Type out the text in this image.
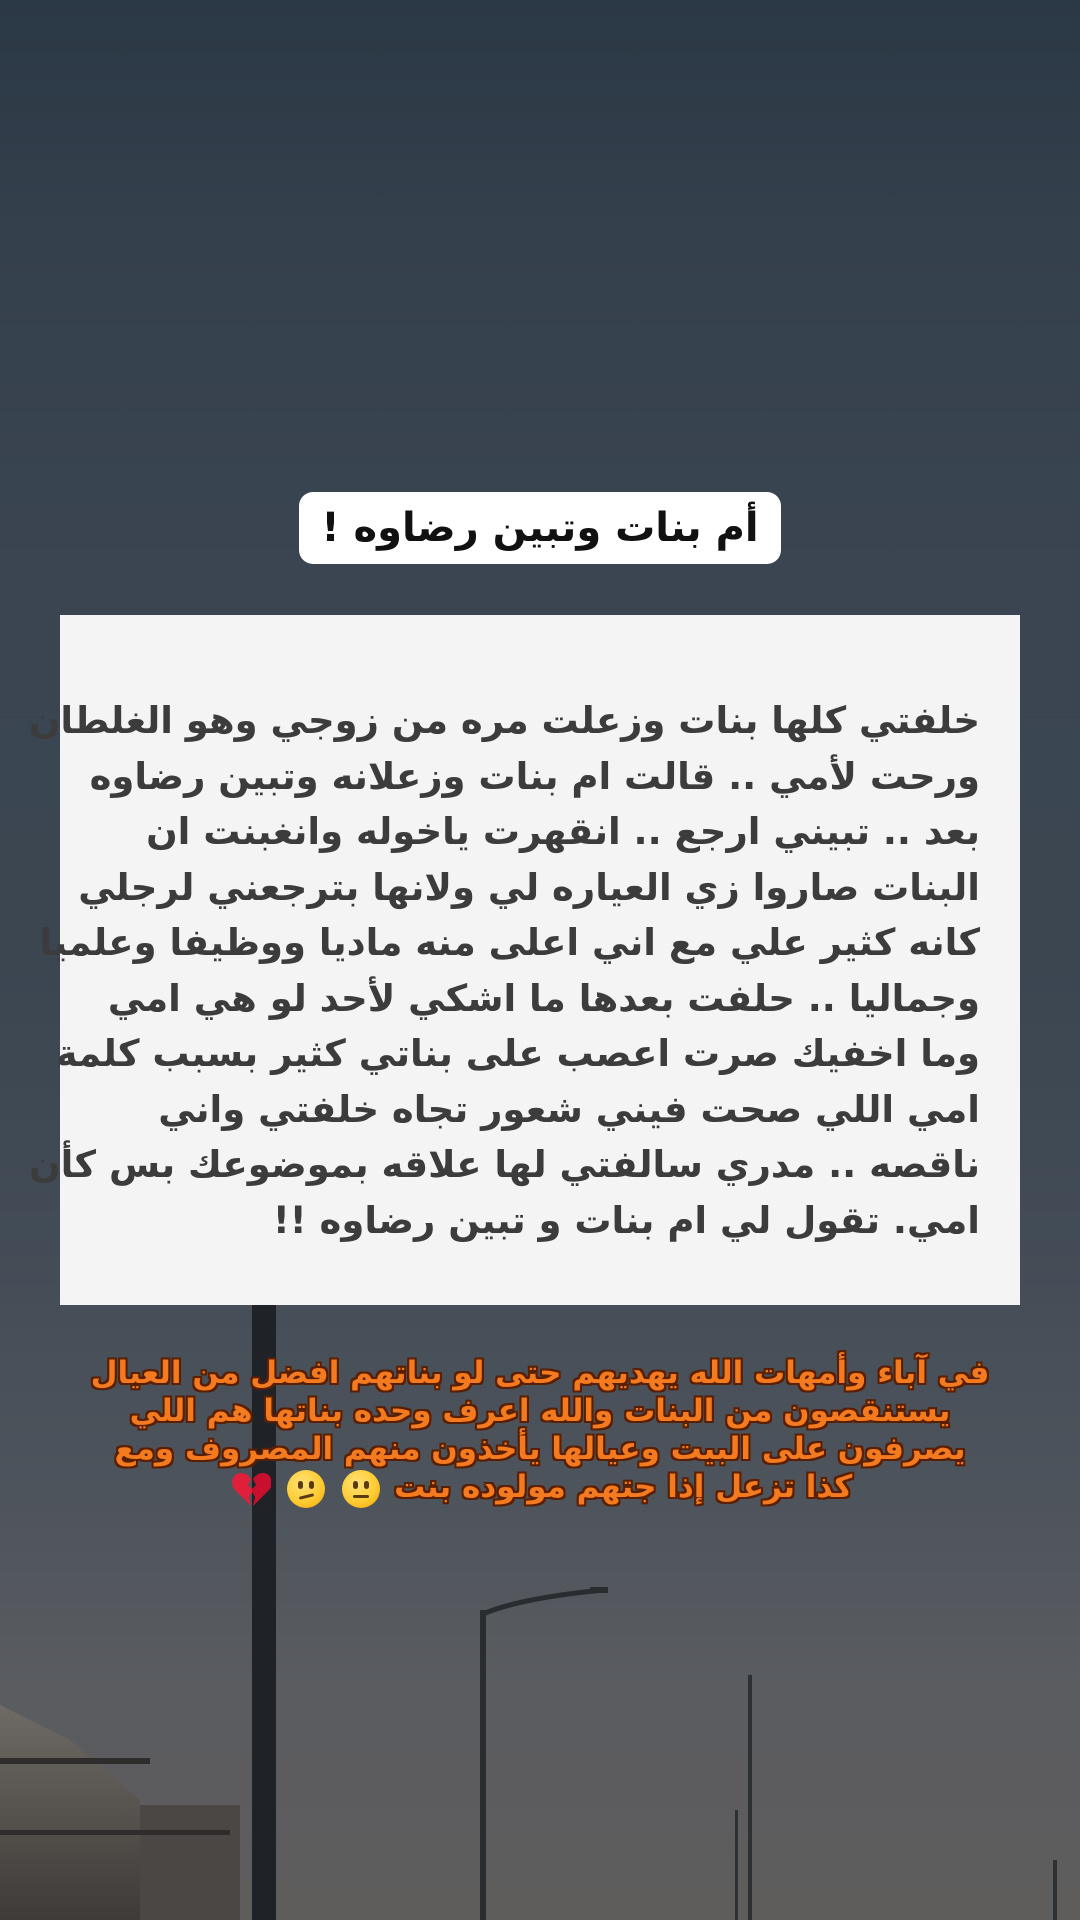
أم بنات وتبين رضاوه !

خلفتي كلها بنات وزعلت مره من زوجي وهو الغلطان
ورحت لأمي .. قالت ام بنات وزعلانه وتبين رضاوه
بعد .. تبيني ارجع .. انقهرت ياخوله وانغبنت ان
البنات صاروا زي العياره لي ولانها بترجعني لرجلي
كانه كثير علي مع اني اعلى منه ماديا ووظيفا وعلميا
وجماليا .. حلفت بعدها ما اشكي لأحد لو هي امي
وما اخفيك صرت اعصب على بناتي كثير بسبب كلمة
امي اللي صحت فيني شعور تجاه خلفتي واني
ناقصه .. مدري سالفتي لها علاقه بموضوعك بس كأن
امي. تقول لي ام بنات و تبين رضاوه !!

في آباء وأمهات الله يهديهم حتى لو بناتهم افضل من العيال
يستنقصون من البنات والله اعرف وحده بناتها هم اللي
يصرفون على البيت وعيالها يأخذون منهم المصروف ومع
كذا تزعل إذا جتهم مولوده بنت
